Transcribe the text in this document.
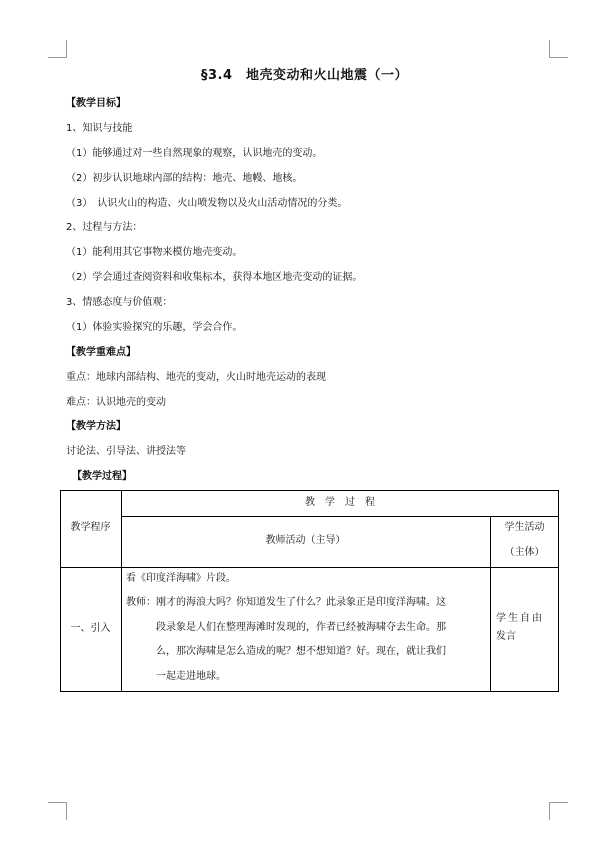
§3.4　地壳变动和火山地震（一）
【教学目标】
1、知识与技能
（1）能够通过对一些自然现象的观察，认识地壳的变动。
（2）初步认识地球内部的结构：地壳、地幔、地核。
（3）　认识火山的构造、火山喷发物以及火山活动情况的分类。
2、过程与方法：
（1）能利用其它事物来模仿地壳变动。
（2）学会通过查阅资料和收集标本，获得本地区地壳变动的证据。
3、情感态度与价值观：
（1）体验实验探究的乐趣，学会合作。
【教学重难点】
重点：地球内部结构、地壳的变动，火山时地壳运动的表现
难点：认识地壳的变动
【教学方法】
讨论法、引导法、讲授法等
【教学过程】
教学程序
教　学　过　程
教师活动（主导）
学生活动
（主体）
一、引入
看《印度洋海啸》片段。
教师：刚才的海浪大吗？你知道发生了什么？此录象正是印度洋海啸。这
段录象是人们在整理海滩时发现的，作者已经被海啸夺去生命。那
么，那次海啸是怎么造成的呢？想不想知道？好。现在，就让我们
一起走进地球。
学生自由
发言
